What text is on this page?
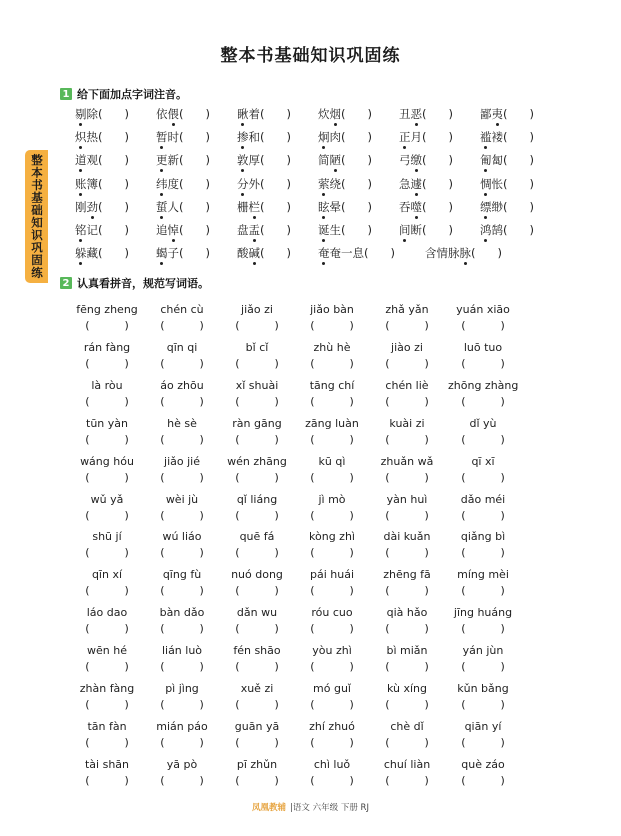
整本书基础知识巩固练
整本书基础知识巩固练
1 给下面加点字词注音。
剔
除( ) 依偎
( ) 瞅
着( ) 炊烟
( ) 丑恶
( ) 鄙夷
( )
炽
热( ) 暂
时( ) 掺
和( ) 炯
肉( ) 正
月( ) 褴
褛( )
道
观( ) 更
新( ) 敦
厚( ) 简陋
( ) 弓缴
( ) 匍
匐( )
账
簿( ) 纬
度( ) 分
外( ) 萦
绕( ) 急遽
( ) 惆
怅( )
刚劲
( ) 蜇
人( ) 栅栏
( ) 眩
晕( ) 吞噬
( ) 缥
缈( )
铭
记( ) 追悼
( ) 盘盂
( ) 诞
生( ) 间
断( ) 鸿
鹄( )
躲
藏( ) 蝎
子( ) 酸碱
( ) 奄
奄一息( )	含情脉脉
( )
2 认真看拼音，规范写词语。
fēng zheng
(          )
chén cù
(          )
jiǎo zi
(          )
jiǎo bàn
(          )
zhǎ yǎn
(          )
yuán xiāo
(          )
rán fàng
(          )
qīn qi
(          )
bǐ cǐ
(          )
zhù hè
(          )
jiào zi
(          )
luō tuo
(          )
là ròu
(          )
áo zhōu
(          )
xǐ shuài
(          )
tāng chí
(          )
chén liè
(          )
zhōng zhàng
(          )
tūn yàn
(          )
hè sè
(          )
ràn gāng
(          )
zāng luàn
(          )
kuài zi
(          )
dǐ yù
(          )
wáng hóu
(          )
jiǎo jié
(          )
wén zhāng
(          )
kū qì
(          )
zhuǎn wǎ
(          )
qī xī
(          )
wǔ yǎ
(          )
wèi jù
(          )
qǐ liáng
(          )
jì mò
(          )
yàn huì
(          )
dǎo méi
(          )
shū jí
(          )
wú liáo
(          )
quē fá
(          )
kòng zhì
(          )
dài kuǎn
(          )
qiǎng bì
(          )
qīn xí
(          )
qīng fù
(          )
nuó dong
(          )
pái huái
(          )
zhēng fā
(          )
míng mèi
(          )
láo dao
(          )
bàn dǎo
(          )
dǎn wu
(          )
róu cuo
(          )
qià hǎo
(          )
jīng huáng
(          )
wēn hé
(          )
lián luò
(          )
fén shāo
(          )
yòu zhì
(          )
bì miǎn
(          )
yán jùn
(          )
zhàn fàng
(          )
pì jìng
(          )
xuě zi
(          )
mó guǐ
(          )
kù xíng
(          )
kǔn bǎng
(          )
tān fàn
(          )
mián páo
(          )
guān yā
(          )
zhí zhuó
(          )
chè dǐ
(          )
qiān yí
(          )
tài shān
(          )
yā pò
(          )
pī zhǔn
(          )
chì luǒ
(          )
chuí liàn
(          )
què záo
(          )
凤凰教辅 |语文 六年级 下册 RJ
